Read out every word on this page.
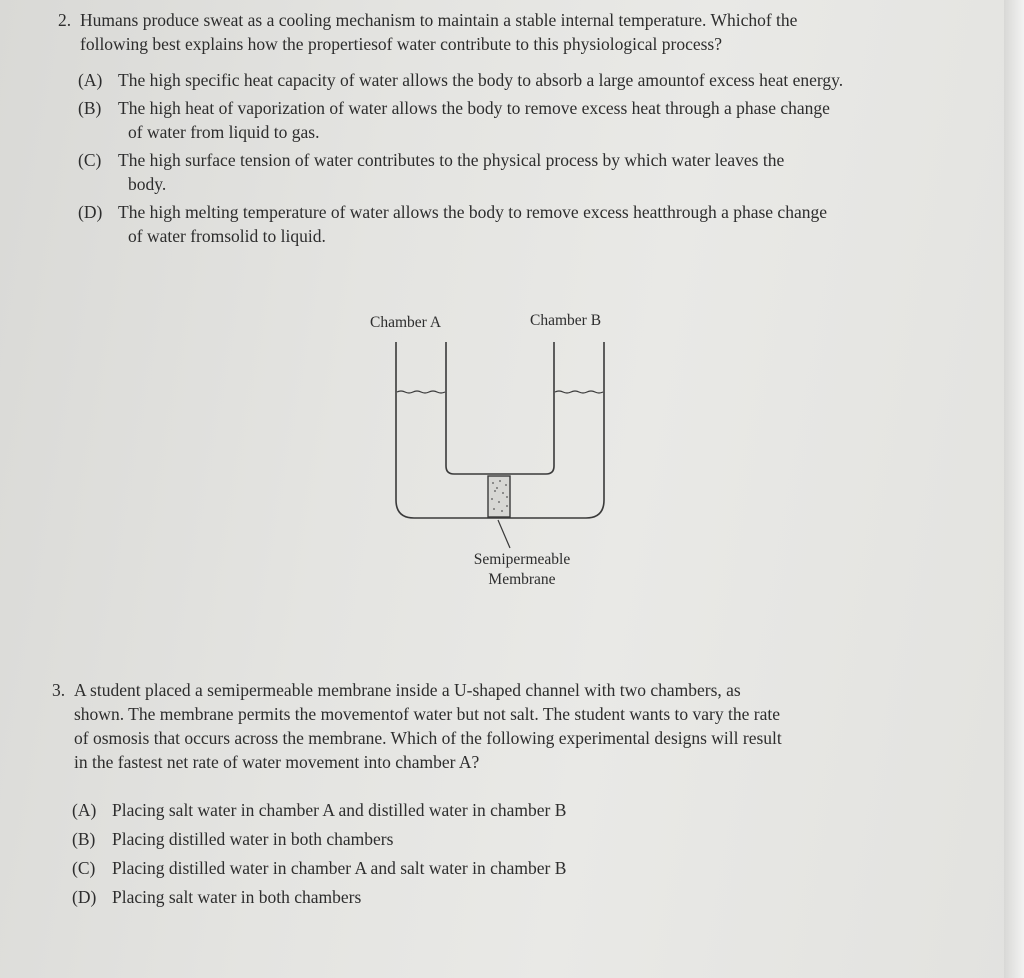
2. Humans produce sweat as a cooling mechanism to maintain a stable internal temperature. Whichof the
following best explains how the propertiesof water contribute to this physiological process?
(A) The high specific heat capacity of water allows the body to absorb a large amountof excess heat energy.
(B) The high heat of vaporization of water allows the body to remove excess heat through a phase change
of water from liquid to gas.
(C) The high surface tension of water contributes to the physical process by which water leaves the
body.
(D) The high melting temperature of water allows the body to remove excess heatthrough a phase change
of water fromsolid to liquid.
Chamber A	Chamber B
Semipermeable
Membrane
3. A student placed a semipermeable membrane inside a U-shaped channel with two chambers, as
shown. The membrane permits the movementof water but not salt. The student wants to vary the rate
of osmosis that occurs across the membrane. Which of the following experimental designs will result
in the fastest net rate of water movement into chamber A?
(A) Placing salt water in chamber A and distilled water in chamber B
(B) Placing distilled water in both chambers
(C) Placing distilled water in chamber A and salt water in chamber B
(D) Placing salt water in both chambers
